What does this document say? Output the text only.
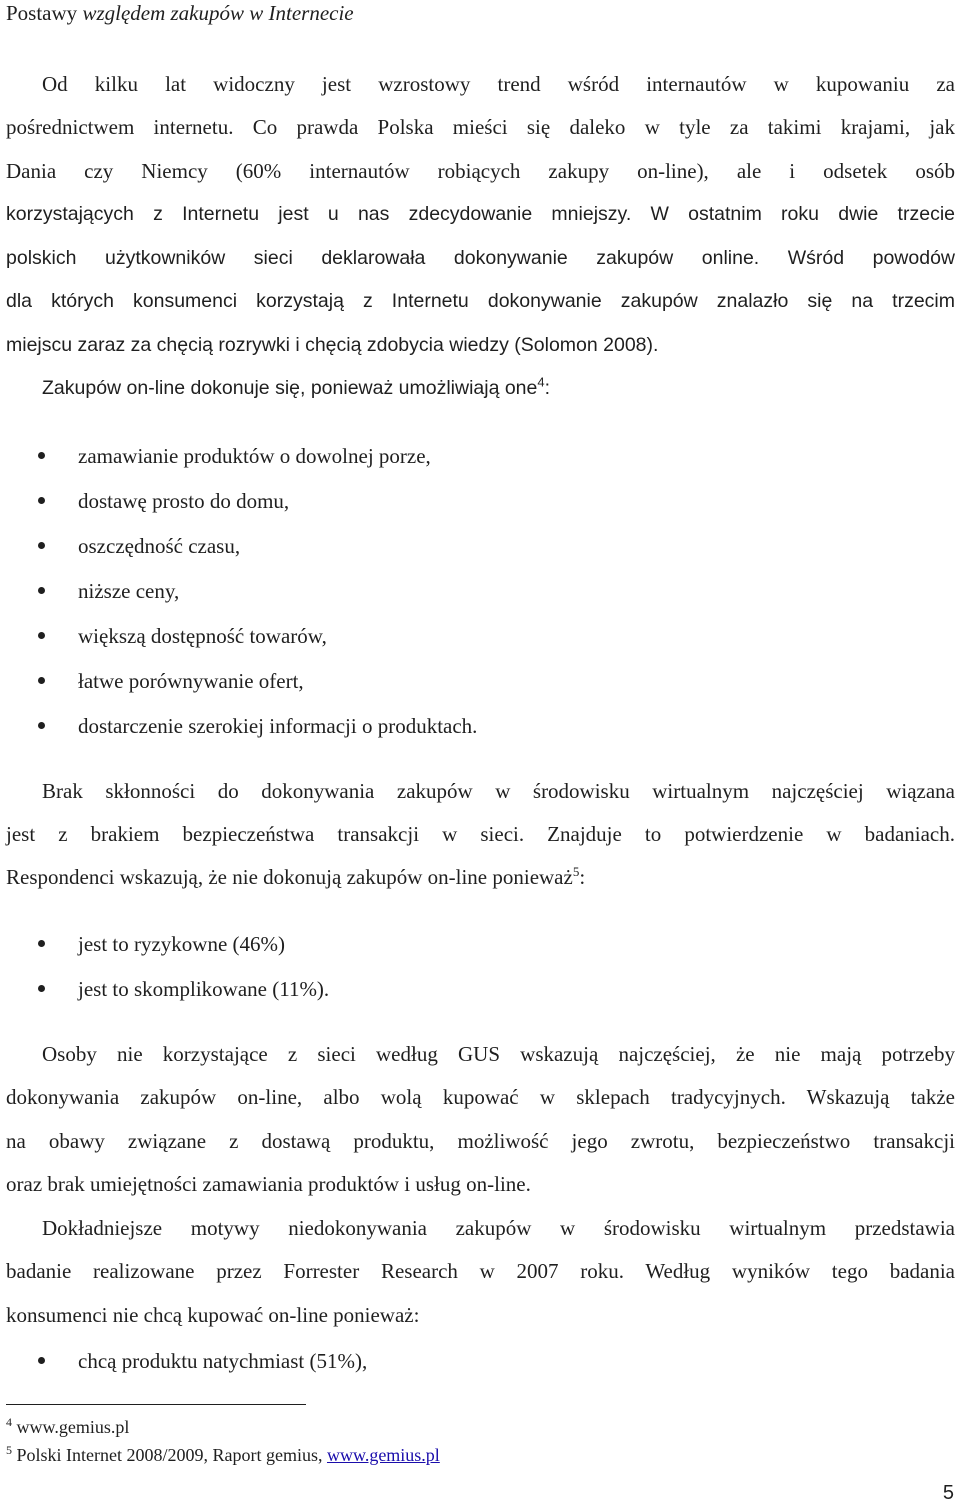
Postawy względem zakupów w Internecie
Od kilku lat widoczny jest wzrostowy trend wśród internautów w kupowaniu za
pośrednictwem internetu. Co prawda Polska mieści się daleko w tyle za takimi krajami, jak
Dania czy Niemcy (60% internautów robiących zakupy on-line), ale i odsetek osób
korzystających z Internetu jest u nas zdecydowanie mniejszy. W ostatnim roku dwie trzecie
polskich użytkowników sieci deklarowała dokonywanie zakupów online. Wśród powodów
dla których konsumenci korzystają z Internetu dokonywanie zakupów znalazło się na trzecim
miejscu zaraz za chęcią rozrywki i chęcią zdobycia wiedzy (Solomon 2008).
Zakupów on-line dokonuje się, ponieważ umożliwiają one$^4$:
zamawianie produktów o dowolnej porze,
dostawę prosto do domu,
oszczędność czasu,
niższe ceny,
większą dostępność towarów,
łatwe porównywanie ofert,
dostarczenie szerokiej informacji o produktach.
Brak skłonności do dokonywania zakupów w środowisku wirtualnym najczęściej wiązana
jest z brakiem bezpieczeństwa transakcji w sieci. Znajduje to potwierdzenie w badaniach.
Respondenci wskazują, że nie dokonują zakupów on-line ponieważ$^5$:
jest to ryzykowne (46%)
jest to skomplikowane (11%).
Osoby nie korzystające z sieci według GUS wskazują najczęściej, że nie mają potrzeby
dokonywania zakupów on-line, albo wolą kupować w sklepach tradycyjnych. Wskazują także
na obawy związane z dostawą produktu, możliwość jego zwrotu, bezpieczeństwo transakcji
oraz brak umiejętności zamawiania produktów i usług on-line.
Dokładniejsze motywy niedokonywania zakupów w środowisku wirtualnym przedstawia
badanie realizowane przez Forrester Research w 2007 roku. Według wyników tego badania
konsumenci nie chcą kupować on-line ponieważ:
chcą produktu natychmiast (51%),
$^4$ www.gemius.pl
$^5$ Polski Internet 2008/2009, Raport gemius, www.gemius.pl
5
